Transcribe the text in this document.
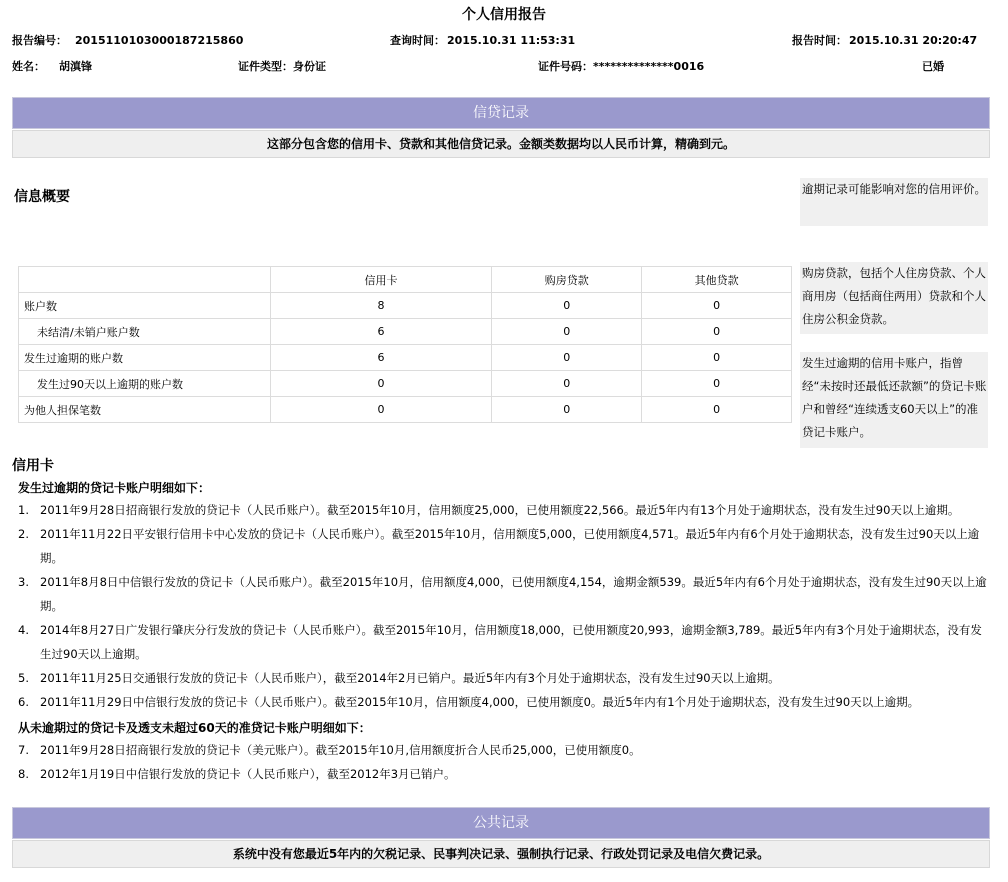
个人信用报告
报告编号： 2015110103000187215860	查询时间： 2015.10.31 11:53:31	报告时间： 2015.10.31 20:20:47
姓名： 胡滇锋	证件类型：身份证	证件号码：**************0016	已婚
信贷记录
这部分包含您的信用卡、贷款和其他信贷记录。金额类数据均以人民币计算，精确到元。
信息概要	逾期记录可能影响对您的信用评价。
购房贷款，包括个人住房贷款、个人商用房（包括商住两用）贷款和个人住房公积金贷款。
发生过逾期的信用卡账户，指曾经“未按时还最低还款额”的贷记卡账户和曾经“连续透支60天以上”的准贷记卡账户。
	信用卡	购房贷款	其他贷款
账户数	8	0	0
未结清/未销户账户数	6	0	0
发生过逾期的账户数	6	0	0
发生过90天以上逾期的账户数	0	0	0
为他人担保笔数	0	0	0
信用卡
发生过逾期的贷记卡账户明细如下：
1. 2011年9月28日招商银行发放的贷记卡（人民币账户）。截至2015年10月，信用额度25,000，已使用额度22,566。最近5年内有13个月处于逾期状态，没有发生过90天以上逾期。
2. 2011年11月22日平安银行信用卡中心发放的贷记卡（人民币账户）。截至2015年10月，信用额度5,000，已使用额度4,571。最近5年内有6个月处于逾期状态，没有发生过90天以上逾期。
3. 2011年8月8日中信银行发放的贷记卡（人民币账户）。截至2015年10月，信用额度4,000，已使用额度4,154，逾期金额539。最近5年内有6个月处于逾期状态，没有发生过90天以上逾期。
4. 2014年8月27日广发银行肇庆分行发放的贷记卡（人民币账户）。截至2015年10月，信用额度18,000，已使用额度20,993，逾期金额3,789。最近5年内有3个月处于逾期状态，没有发生过90天以上逾期。
5. 2011年11月25日交通银行发放的贷记卡（人民币账户），截至2014年2月已销户。最近5年内有3个月处于逾期状态，没有发生过90天以上逾期。
6. 2011年11月29日中信银行发放的贷记卡（人民币账户）。截至2015年10月，信用额度4,000，已使用额度0。最近5年内有1个月处于逾期状态，没有发生过90天以上逾期。
从未逾期过的贷记卡及透支未超过60天的准贷记卡账户明细如下：
7. 2011年9月28日招商银行发放的贷记卡（美元账户）。截至2015年10月,信用额度折合人民币25,000，已使用额度0。
8. 2012年1月19日中信银行发放的贷记卡（人民币账户），截至2012年3月已销户。
公共记录
系统中没有您最近5年内的欠税记录、民事判决记录、强制执行记录、行政处罚记录及电信欠费记录。
